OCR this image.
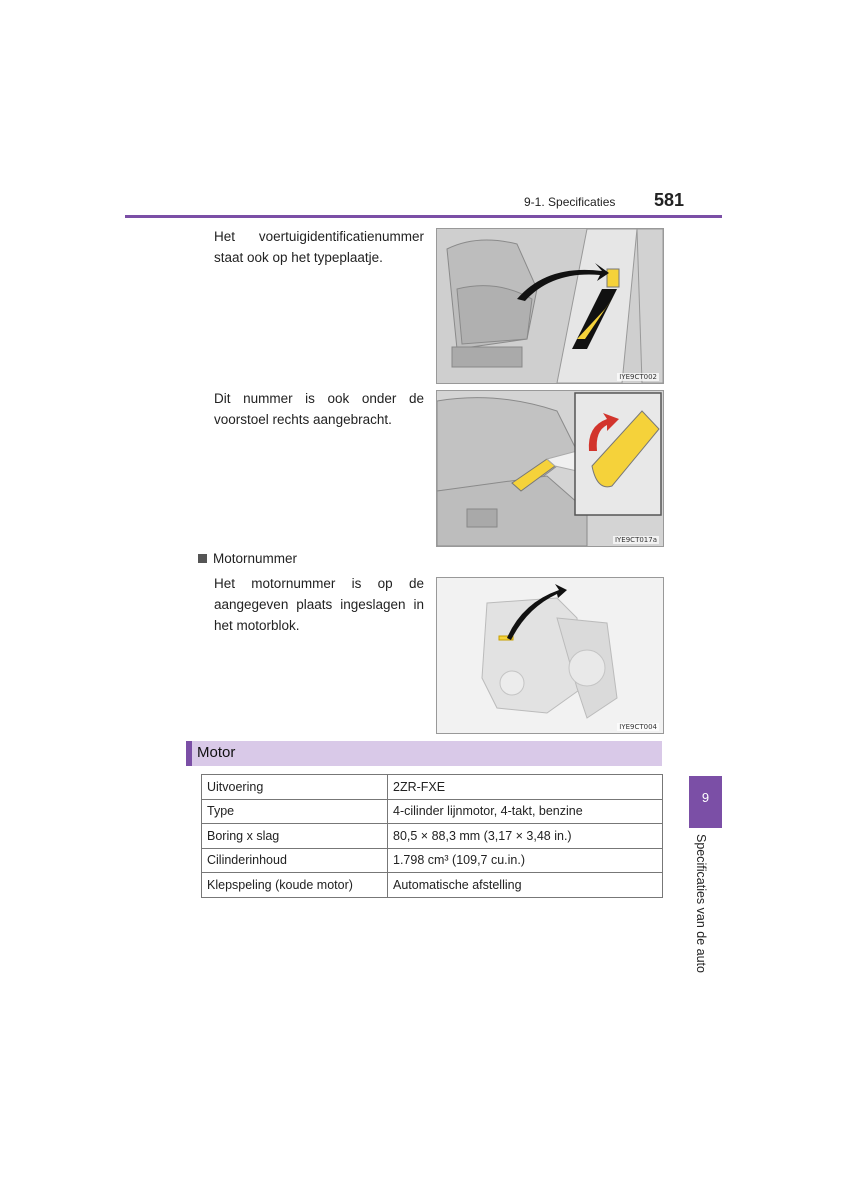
9-1. Specificaties 581
Het voertuigidentificatienummer staat ook op het typeplaatje.
IYE9CT002
Dit nummer is ook onder de voorstoel rechts aangebracht.
IYE9CT017a
Motornummer
Het motornummer is op de aangegeven plaats ingeslagen in het motorblok.
IYE9CT004
Motor
Uitvoering	2ZR-FXE
Type	4-cilinder lijnmotor, 4-takt, benzine
Boring x slag	80,5 × 88,3 mm (3,17 × 3,48 in.)
Cilinderinhoud	1.798 cm³ (109,7 cu.in.)
Klepspeling (koude motor)	Automatische afstelling
9
Specificaties van de auto
